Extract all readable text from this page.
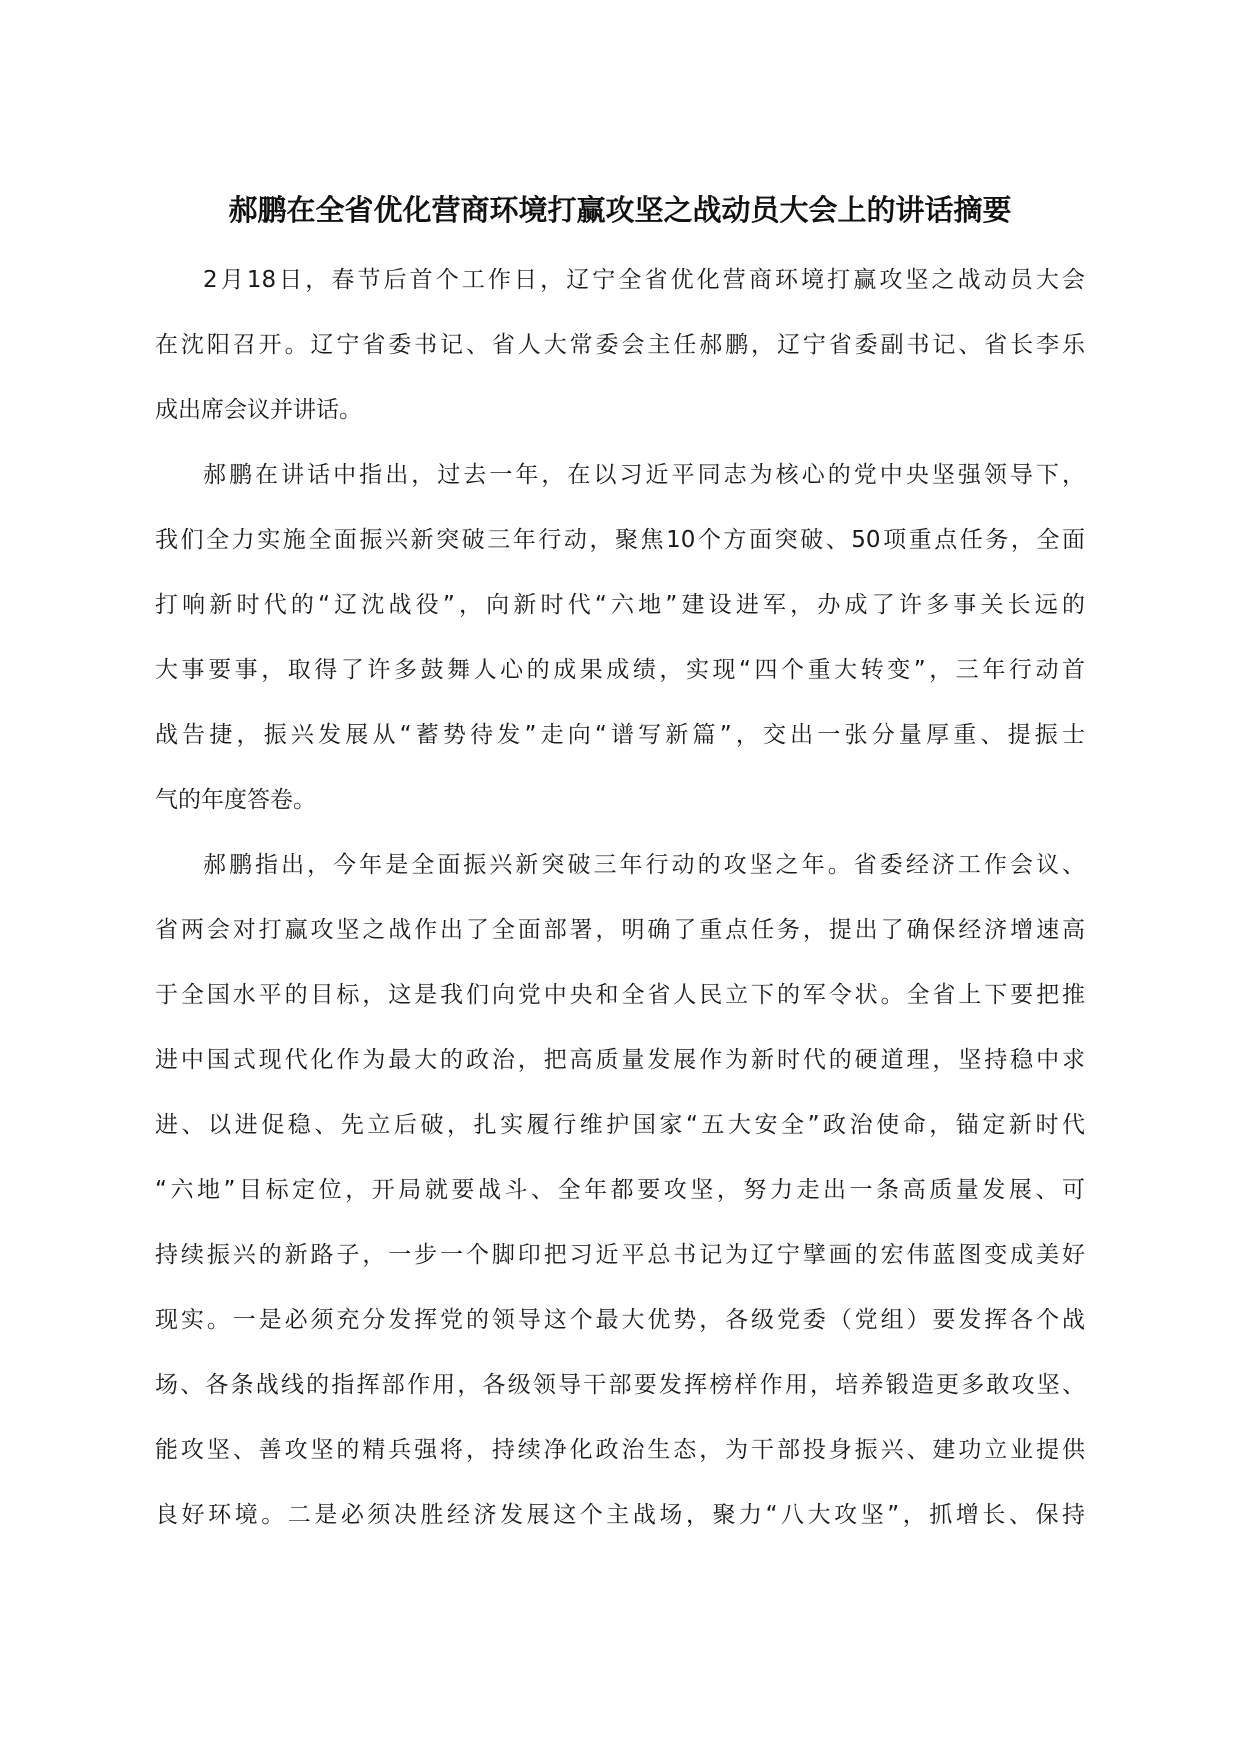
郝鹏在全省优化营商环境打赢攻坚之战动员大会上的讲话摘要
2月18日，春节后首个工作日，辽宁全省优化营商环境打赢攻坚之战动员大会
在沈阳召开。辽宁省委书记、省人大常委会主任郝鹏，辽宁省委副书记、省长李乐
成出席会议并讲话。
郝鹏在讲话中指出，过去一年，在以习近平同志为核心的党中央坚强领导下，
我们全力实施全面振兴新突破三年行动，聚焦10个方面突破、50项重点任务，全面
打响新时代的“辽沈战役”，向新时代“六地”建设进军，办成了许多事关长远的
大事要事，取得了许多鼓舞人心的成果成绩，实现“四个重大转变”，三年行动首
战告捷，振兴发展从“蓄势待发”走向“谱写新篇”，交出一张分量厚重、提振士
气的年度答卷。
郝鹏指出，今年是全面振兴新突破三年行动的攻坚之年。省委经济工作会议、
省两会对打赢攻坚之战作出了全面部署，明确了重点任务，提出了确保经济增速高
于全国水平的目标，这是我们向党中央和全省人民立下的军令状。全省上下要把推
进中国式现代化作为最大的政治，把高质量发展作为新时代的硬道理，坚持稳中求
进、以进促稳、先立后破，扎实履行维护国家“五大安全”政治使命，锚定新时代
“六地”目标定位，开局就要战斗、全年都要攻坚，努力走出一条高质量发展、可
持续振兴的新路子，一步一个脚印把习近平总书记为辽宁擘画的宏伟蓝图变成美好
现实。一是必须充分发挥党的领导这个最大优势，各级党委（党组）要发挥各个战
场、各条战线的指挥部作用，各级领导干部要发挥榜样作用，培养锻造更多敢攻坚、
能攻坚、善攻坚的精兵强将，持续净化政治生态，为干部投身振兴、建功立业提供
良好环境。二是必须决胜经济发展这个主战场，聚力“八大攻坚”，抓增长、保持
